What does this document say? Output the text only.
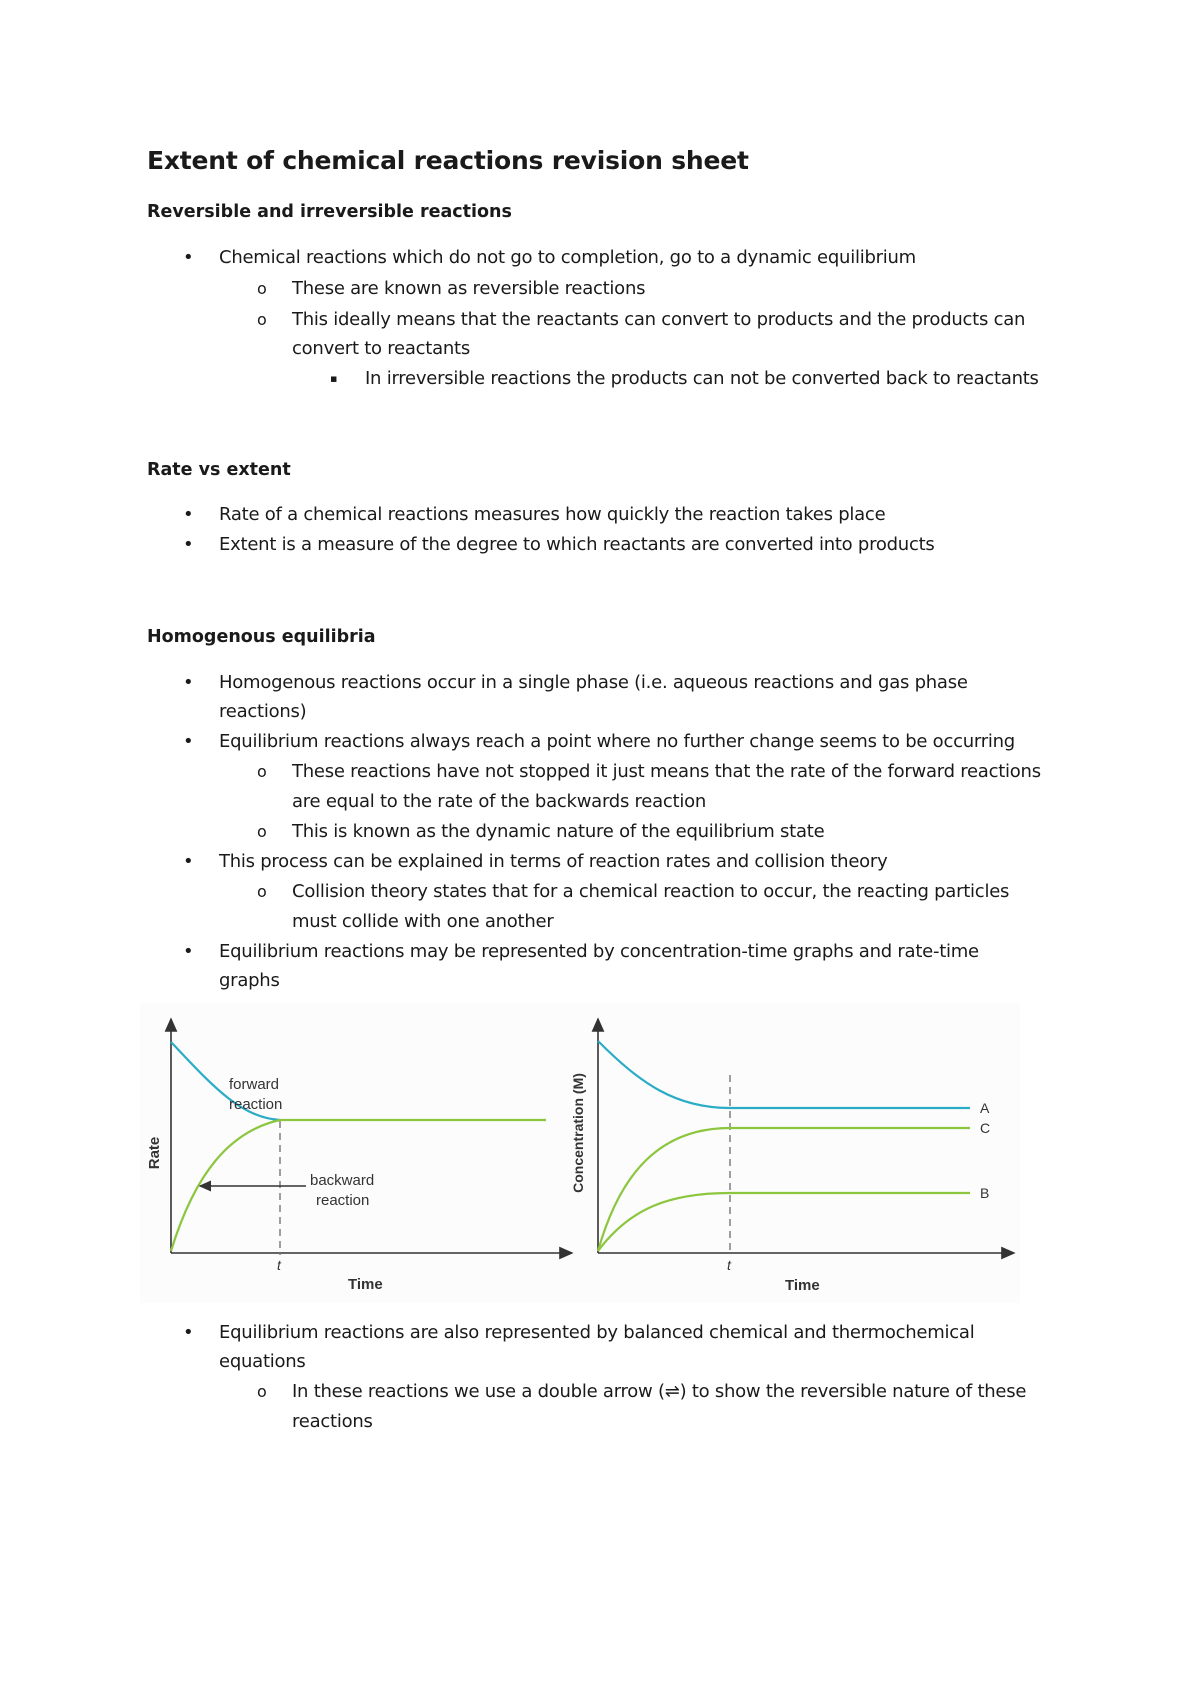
Extent of chemical reactions revision sheet
Reversible and irreversible reactions
• Chemical reactions which do not go to completion, go to a dynamic equilibrium
o These are known as reversible reactions
o This ideally means that the reactants can convert to products and the products can
convert to reactants
▪ In irreversible reactions the products can not be converted back to reactants
Rate vs extent
• Rate of a chemical reactions measures how quickly the reaction takes place
• Extent is a measure of the degree to which reactants are converted into products
Homogenous equilibria
• Homogenous reactions occur in a single phase (i.e. aqueous reactions and gas phase
reactions)
• Equilibrium reactions always reach a point where no further change seems to be occurring
o These reactions have not stopped it just means that the rate of the forward reactions
are equal to the rate of the backwards reaction
o This is known as the dynamic nature of the equilibrium state
• This process can be explained in terms of reaction rates and collision theory
o Collision theory states that for a chemical reaction to occur, the reacting particles
must collide with one another
• Equilibrium reactions may be represented by concentration-time graphs and rate-time
graphs
forward
reaction
backward
reaction
t
Time
Rate
A
C
B
t
Time
Concentration (M)
• Equilibrium reactions are also represented by balanced chemical and thermochemical
equations
o In these reactions we use a double arrow (⇌) to show the reversible nature of these
reactions
